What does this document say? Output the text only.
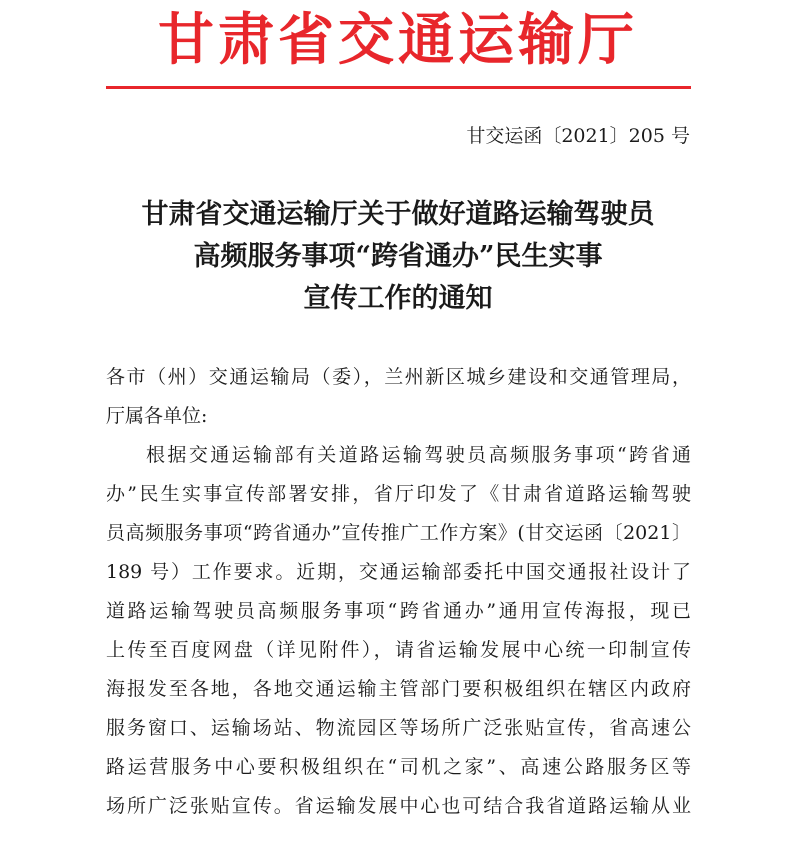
甘肃省交通运输厅
甘交运函〔2021〕205 号
甘肃省交通运输厅关于做好道路运输驾驶员
高频服务事项“跨省通办”民生实事
宣传工作的通知
各市（州）交通运输局（委），兰州新区城乡建设和交通管理局，
厅属各单位:
根据交通运输部有关道路运输驾驶员高频服务事项“跨省通
办”民生实事宣传部署安排，省厅印发了《甘肃省道路运输驾驶
员高频服务事项“跨省通办”宣传推广工作方案》(甘交运函〔2021〕
189 号）工作要求。近期，交通运输部委托中国交通报社设计了
道路运输驾驶员高频服务事项“跨省通办”通用宣传海报，现已
上传至百度网盘（详见附件），请省运输发展中心统一印制宣传
海报发至各地，各地交通运输主管部门要积极组织在辖区内政府
服务窗口、运输场站、物流园区等场所广泛张贴宣传，省高速公
路运营服务中心要积极组织在“司机之家”、高速公路服务区等
场所广泛张贴宣传。省运输发展中心也可结合我省道路运输从业
